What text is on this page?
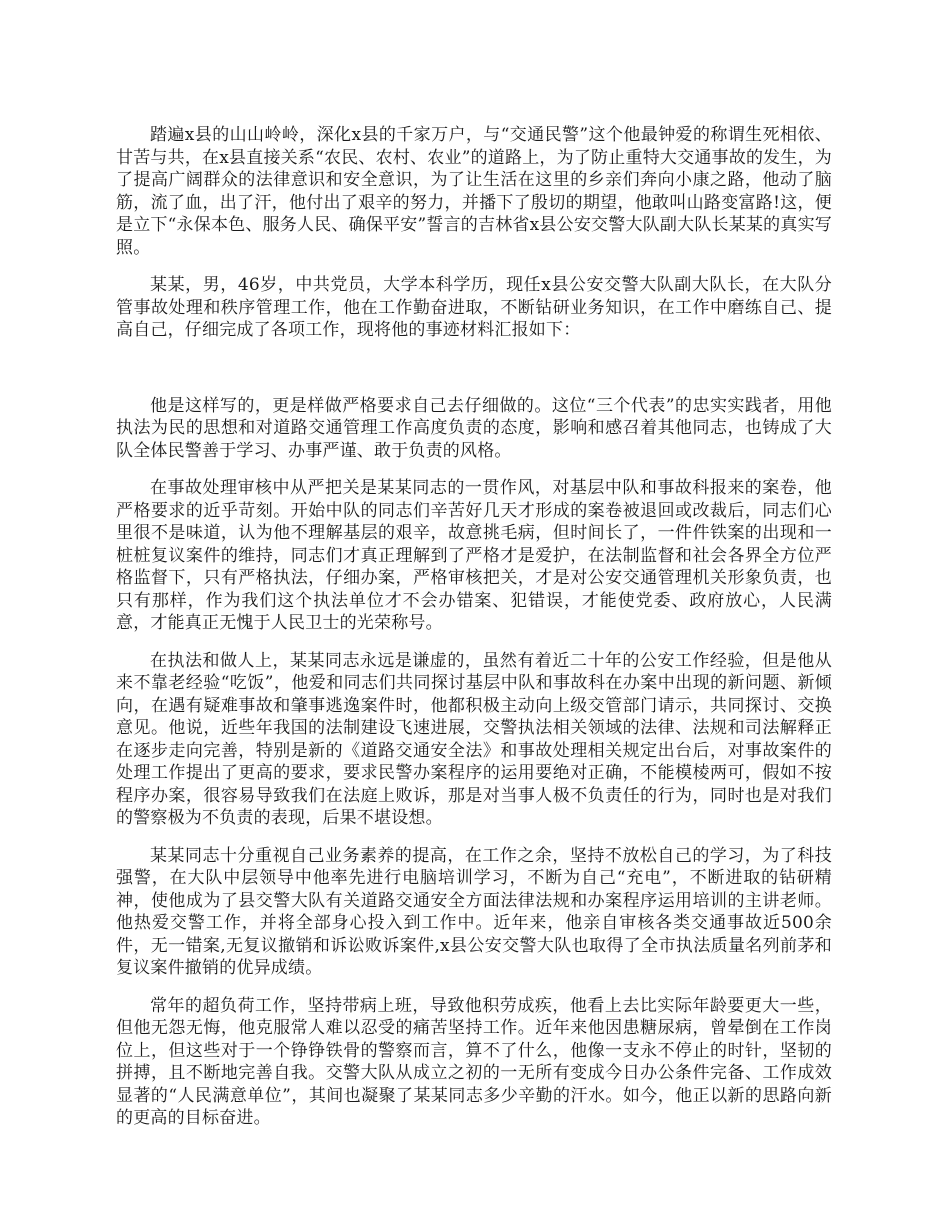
踏遍x县的山山岭岭，深化x县的千家万户，与“交通民警”这个他最钟爱的称谓生死相依、甘苦与共，在x县直接关系“农民、农村、农业”的道路上，为了防止重特大交通事故的发生，为了提高广阔群众的法律意识和安全意识，为了让生活在这里的乡亲们奔向小康之路，他动了脑筋，流了血，出了汗，他付出了艰辛的努力，并播下了殷切的期望，他敢叫山路变富路!这，便是立下“永保本色、服务人民、确保平安”誓言的吉林省x县公安交警大队副大队长某某的真实写照。

某某，男，46岁，中共党员，大学本科学历，现任x县公安交警大队副大队长，在大队分管事故处理和秩序管理工作，他在工作勤奋进取，不断钻研业务知识，在工作中磨练自己、提高自己，仔细完成了各项工作，现将他的事迹材料汇报如下：

他是这样写的，更是样做严格要求自己去仔细做的。这位“三个代表”的忠实实践者，用他执法为民的思想和对道路交通管理工作高度负责的态度，影响和感召着其他同志，也铸成了大队全体民警善于学习、办事严谨、敢于负责的风格。

在事故处理审核中从严把关是某某同志的一贯作风，对基层中队和事故科报来的案卷，他严格要求的近乎苛刻。开始中队的同志们辛苦好几天才形成的案卷被退回或改裁后，同志们心里很不是味道，认为他不理解基层的艰辛，故意挑毛病，但时间长了，一件件铁案的出现和一桩桩复议案件的维持，同志们才真正理解到了严格才是爱护，在法制监督和社会各界全方位严格监督下，只有严格执法，仔细办案，严格审核把关，才是对公安交通管理机关形象负责，也只有那样，作为我们这个执法单位才不会办错案、犯错误，才能使党委、政府放心，人民满意，才能真正无愧于人民卫士的光荣称号。

在执法和做人上，某某同志永远是谦虚的，虽然有着近二十年的公安工作经验，但是他从来不靠老经验“吃饭”，他爱和同志们共同探讨基层中队和事故科在办案中出现的新问题、新倾向，在遇有疑难事故和肇事逃逸案件时，他都积极主动向上级交管部门请示，共同探讨、交换意见。他说，近些年我国的法制建设飞速进展，交警执法相关领域的法律、法规和司法解释正在逐步走向完善，特别是新的《道路交通安全法》和事故处理相关规定出台后，对事故案件的处理工作提出了更高的要求，要求民警办案程序的运用要绝对正确，不能模棱两可，假如不按程序办案，很容易导致我们在法庭上败诉，那是对当事人极不负责任的行为，同时也是对我们的警察极为不负责的表现，后果不堪设想。

某某同志十分重视自己业务素养的提高，在工作之余，坚持不放松自己的学习，为了科技强警，在大队中层领导中他率先进行电脑培训学习，不断为自己“充电”，不断进取的钻研精神，使他成为了县交警大队有关道路交通安全方面法律法规和办案程序运用培训的主讲老师。他热爱交警工作，并将全部身心投入到工作中。近年来，他亲自审核各类交通事故近500余件，无一错案,无复议撤销和诉讼败诉案件,x县公安交警大队也取得了全市执法质量名列前茅和复议案件撤销的优异成绩。

常年的超负荷工作，坚持带病上班，导致他积劳成疾，他看上去比实际年龄要更大一些，但他无怨无悔，他克服常人难以忍受的痛苦坚持工作。近年来他因患糖尿病，曾晕倒在工作岗位上，但这些对于一个铮铮铁骨的警察而言，算不了什么，他像一支永不停止的时针，坚韧的拼搏，且不断地完善自我。交警大队从成立之初的一无所有变成今日办公条件完备、工作成效显著的“人民满意单位”，其间也凝聚了某某同志多少辛勤的汗水。如今，他正以新的思路向新的更高的目标奋进。
